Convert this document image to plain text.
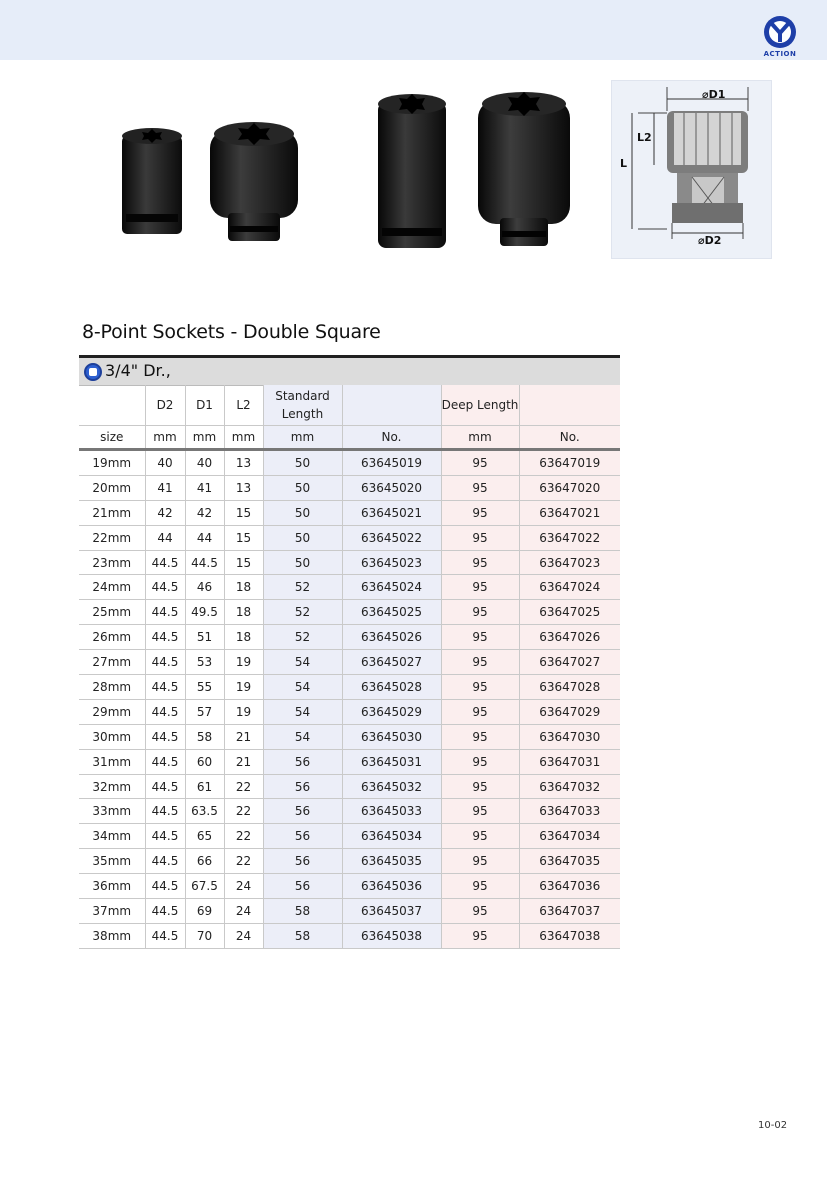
ACTION
⌀D1
L
L2
⌀D2
8-Point Sockets - Double Square
3/4" Dr.,
	D2	D1	L2	Standard Length		Deep Length	
size	mm	mm	mm	mm	No.	mm	No.
19mm	40	40	13	50	63645019	95	63647019
20mm	41	41	13	50	63645020	95	63647020
21mm	42	42	15	50	63645021	95	63647021
22mm	44	44	15	50	63645022	95	63647022
23mm	44.5	44.5	15	50	63645023	95	63647023
24mm	44.5	46	18	52	63645024	95	63647024
25mm	44.5	49.5	18	52	63645025	95	63647025
26mm	44.5	51	18	52	63645026	95	63647026
27mm	44.5	53	19	54	63645027	95	63647027
28mm	44.5	55	19	54	63645028	95	63647028
29mm	44.5	57	19	54	63645029	95	63647029
30mm	44.5	58	21	54	63645030	95	63647030
31mm	44.5	60	21	56	63645031	95	63647031
32mm	44.5	61	22	56	63645032	95	63647032
33mm	44.5	63.5	22	56	63645033	95	63647033
34mm	44.5	65	22	56	63645034	95	63647034
35mm	44.5	66	22	56	63645035	95	63647035
36mm	44.5	67.5	24	56	63645036	95	63647036
37mm	44.5	69	24	58	63645037	95	63647037
38mm	44.5	70	24	58	63645038	95	63647038
10-02
